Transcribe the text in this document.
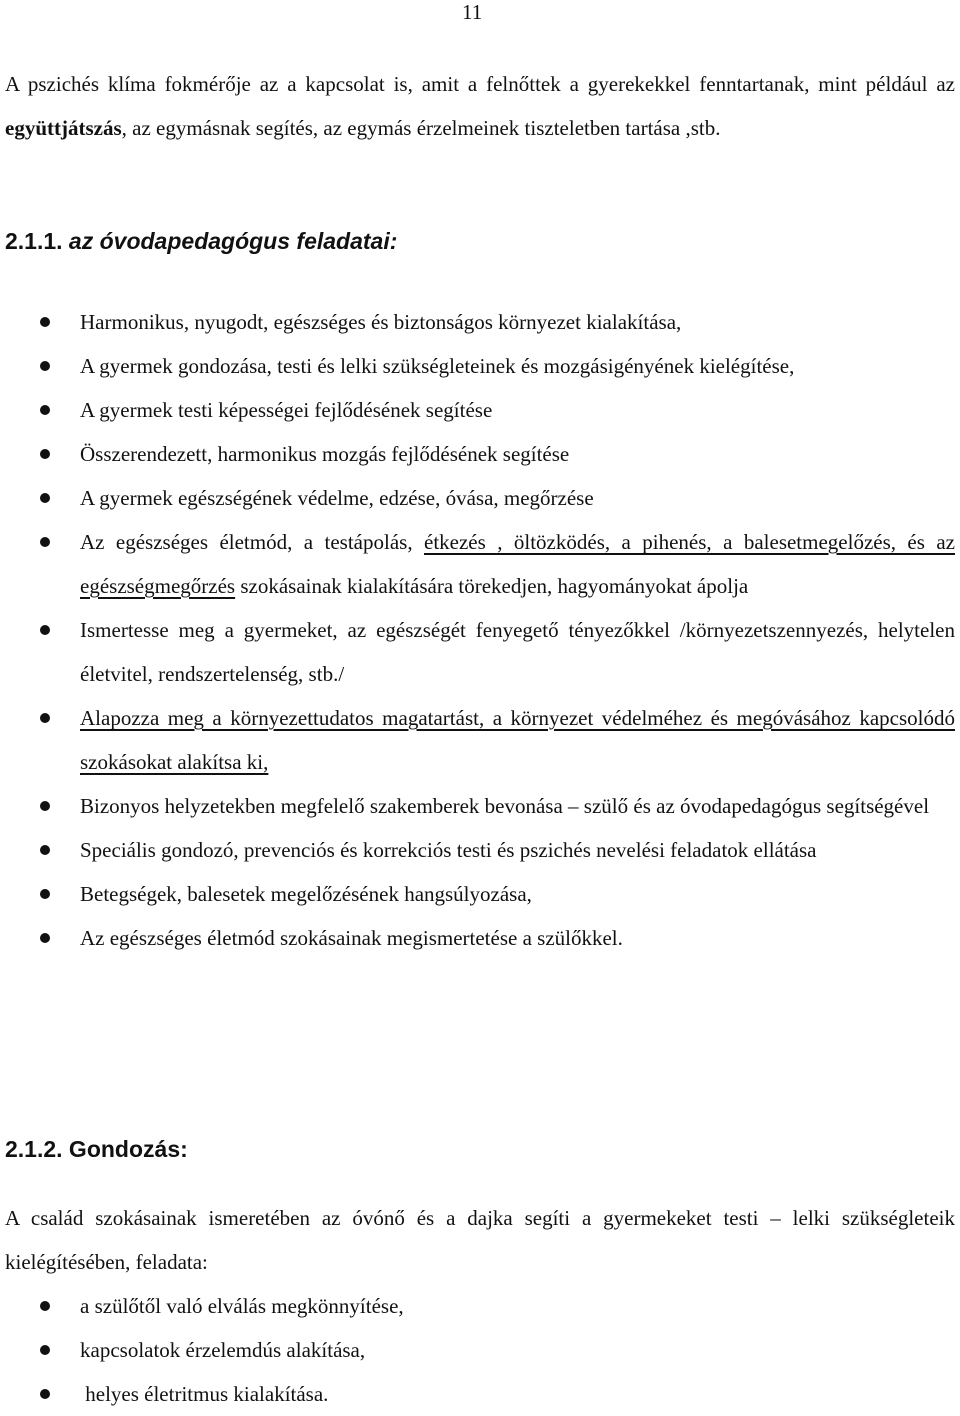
11

A pszichés klíma fokmérője az a kapcsolat is, amit a felnőttek a gyerekekkel fenntartanak, mint például az együttjátszás, az egymásnak segítés, az egymás érzelmeinek tiszteletben tartása ,stb.

2.1.1. az óvodapedagógus feladatai:
Harmonikus, nyugodt, egészséges és biztonságos környezet kialakítása,
A gyermek gondozása, testi és lelki szükségleteinek és mozgásigényének kielégítése,
A gyermek testi képességei fejlődésének segítése
Összerendezett, harmonikus mozgás fejlődésének segítése
A gyermek egészségének védelme, edzése, óvása, megőrzése
Az egészséges életmód, a testápolás, étkezés , öltözködés, a pihenés, a balesetmegelőzés, és az egészségmegőrzés szokásainak kialakítására törekedjen, hagyományokat ápolja
Ismertesse meg a gyermeket, az egészségét fenyegető tényezőkkel /környezetszennyezés, helytelen életvitel, rendszertelenség, stb./
Alapozza meg a környezettudatos magatartást, a környezet védelméhez és megóvásához kapcsolódó szokásokat alakítsa ki,
Bizonyos helyzetekben megfelelő szakemberek bevonása – szülő és az óvodapedagógus segítségével
Speciális gondozó, prevenciós és korrekciós testi és pszichés nevelési feladatok ellátása
Betegségek, balesetek megelőzésének hangsúlyozása,
Az egészséges életmód szokásainak megismertetése a szülőkkel.
2.1.2. Gondozás:

A család szokásainak ismeretében az óvónő és a dajka segíti a gyermekeket testi – lelki szükségleteik kielégítésében, feladata:

a szülőtől való elválás megkönnyítése,
kapcsolatok érzelemdús alakítása,
helyes életritmus kialakítása.
